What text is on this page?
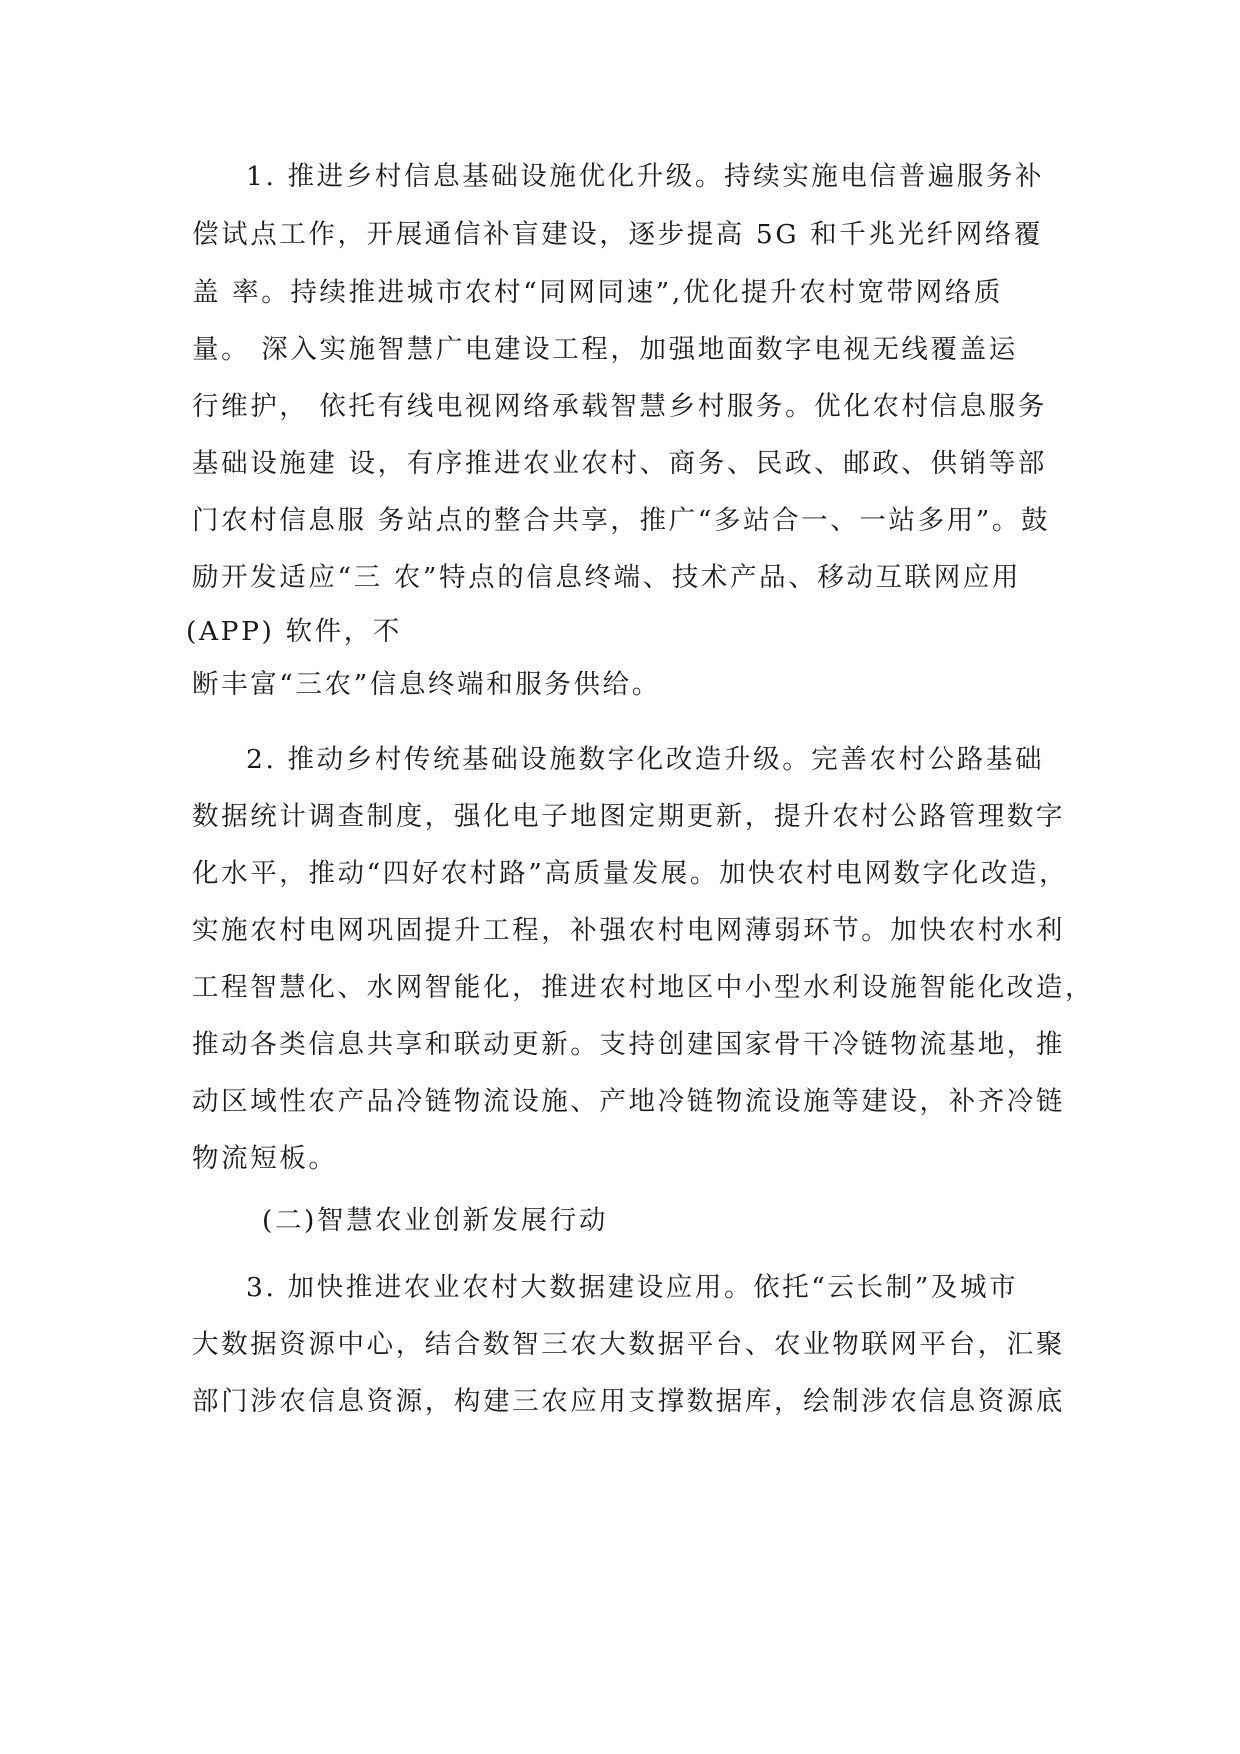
1. 推进乡村信息基础设施优化升级。持续实施电信普遍服务补
偿试点工作，开展通信补盲建设，逐步提高 5G 和千兆光纤网络覆
盖 率。持续推进城市农村“同网同速”,优化提升农村宽带网络质
量。 深入实施智慧广电建设工程，加强地面数字电视无线覆盖运
行维护， 依托有线电视网络承载智慧乡村服务。优化农村信息服务
基础设施建 设，有序推进农业农村、商务、民政、邮政、供销等部
门农村信息服 务站点的整合共享，推广“多站合一、一站多用”。鼓
励开发适应“三 农”特点的信息终端、技术产品、移动互联网应用
(APP) 软件，不
断丰富“三农”信息终端和服务供给。
2. 推动乡村传统基础设施数字化改造升级。完善农村公路基础
数据统计调查制度，强化电子地图定期更新，提升农村公路管理数字
化水平，推动“四好农村路”高质量发展。加快农村电网数字化改造，
实施农村电网巩固提升工程，补强农村电网薄弱环节。加快农村水利
工程智慧化、水网智能化，推进农村地区中小型水利设施智能化改造，
推动各类信息共享和联动更新。支持创建国家骨干冷链物流基地，推
动区域性农产品冷链物流设施、产地冷链物流设施等建设，补齐冷链
物流短板。
(二)智慧农业创新发展行动
3. 加快推进农业农村大数据建设应用。依托“云长制”及城市
大数据资源中心，结合数智三农大数据平台、农业物联网平台，汇聚
部门涉农信息资源，构建三农应用支撑数据库，绘制涉农信息资源底
